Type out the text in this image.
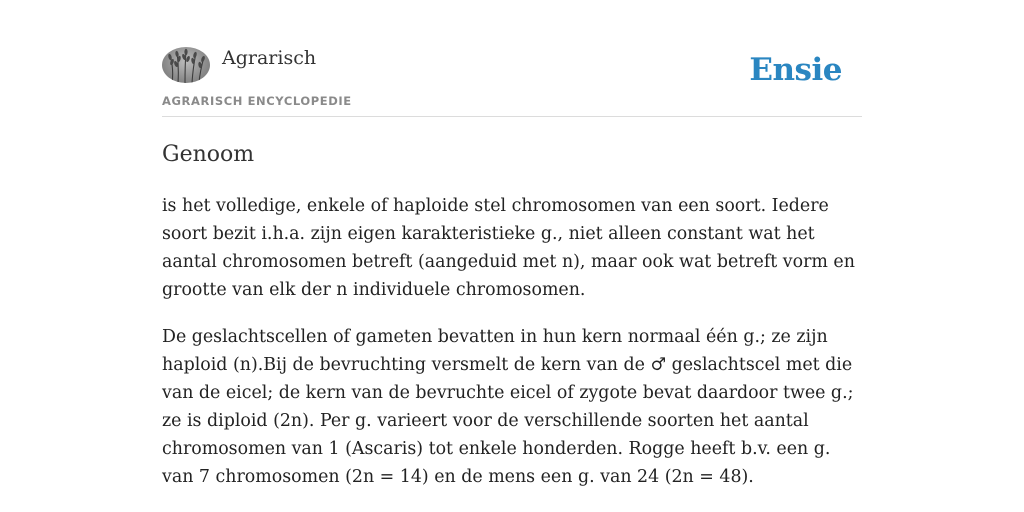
Agrarisch
AGRARISCH ENCYCLOPEDIE
Ensie
Genoom

is het volledige, enkele of haploide stel chromosomen van een soort. Iedere soort bezit i.h.a. zijn eigen karakteristieke g., niet alleen constant wat het aantal chromosomen betreft (aangeduid met n), maar ook wat betreft vorm en grootte van elk der n individuele chromosomen.

De geslachtscellen of gameten bevatten in hun kern normaal één g.; ze zijn haploid (n).Bij de bevruchting versmelt de kern van de ♂ geslachtscel met die van de eicel; de kern van de bevruchte eicel of zygote bevat daardoor twee g.; ze is diploid (2n). Per g. varieert voor de verschillende soorten het aantal chromosomen van 1 (Ascaris) tot enkele honderden. Rogge heeft b.v. een g. van 7 chromosomen (2n = 14) en de mens een g. van 24 (2n = 48).
